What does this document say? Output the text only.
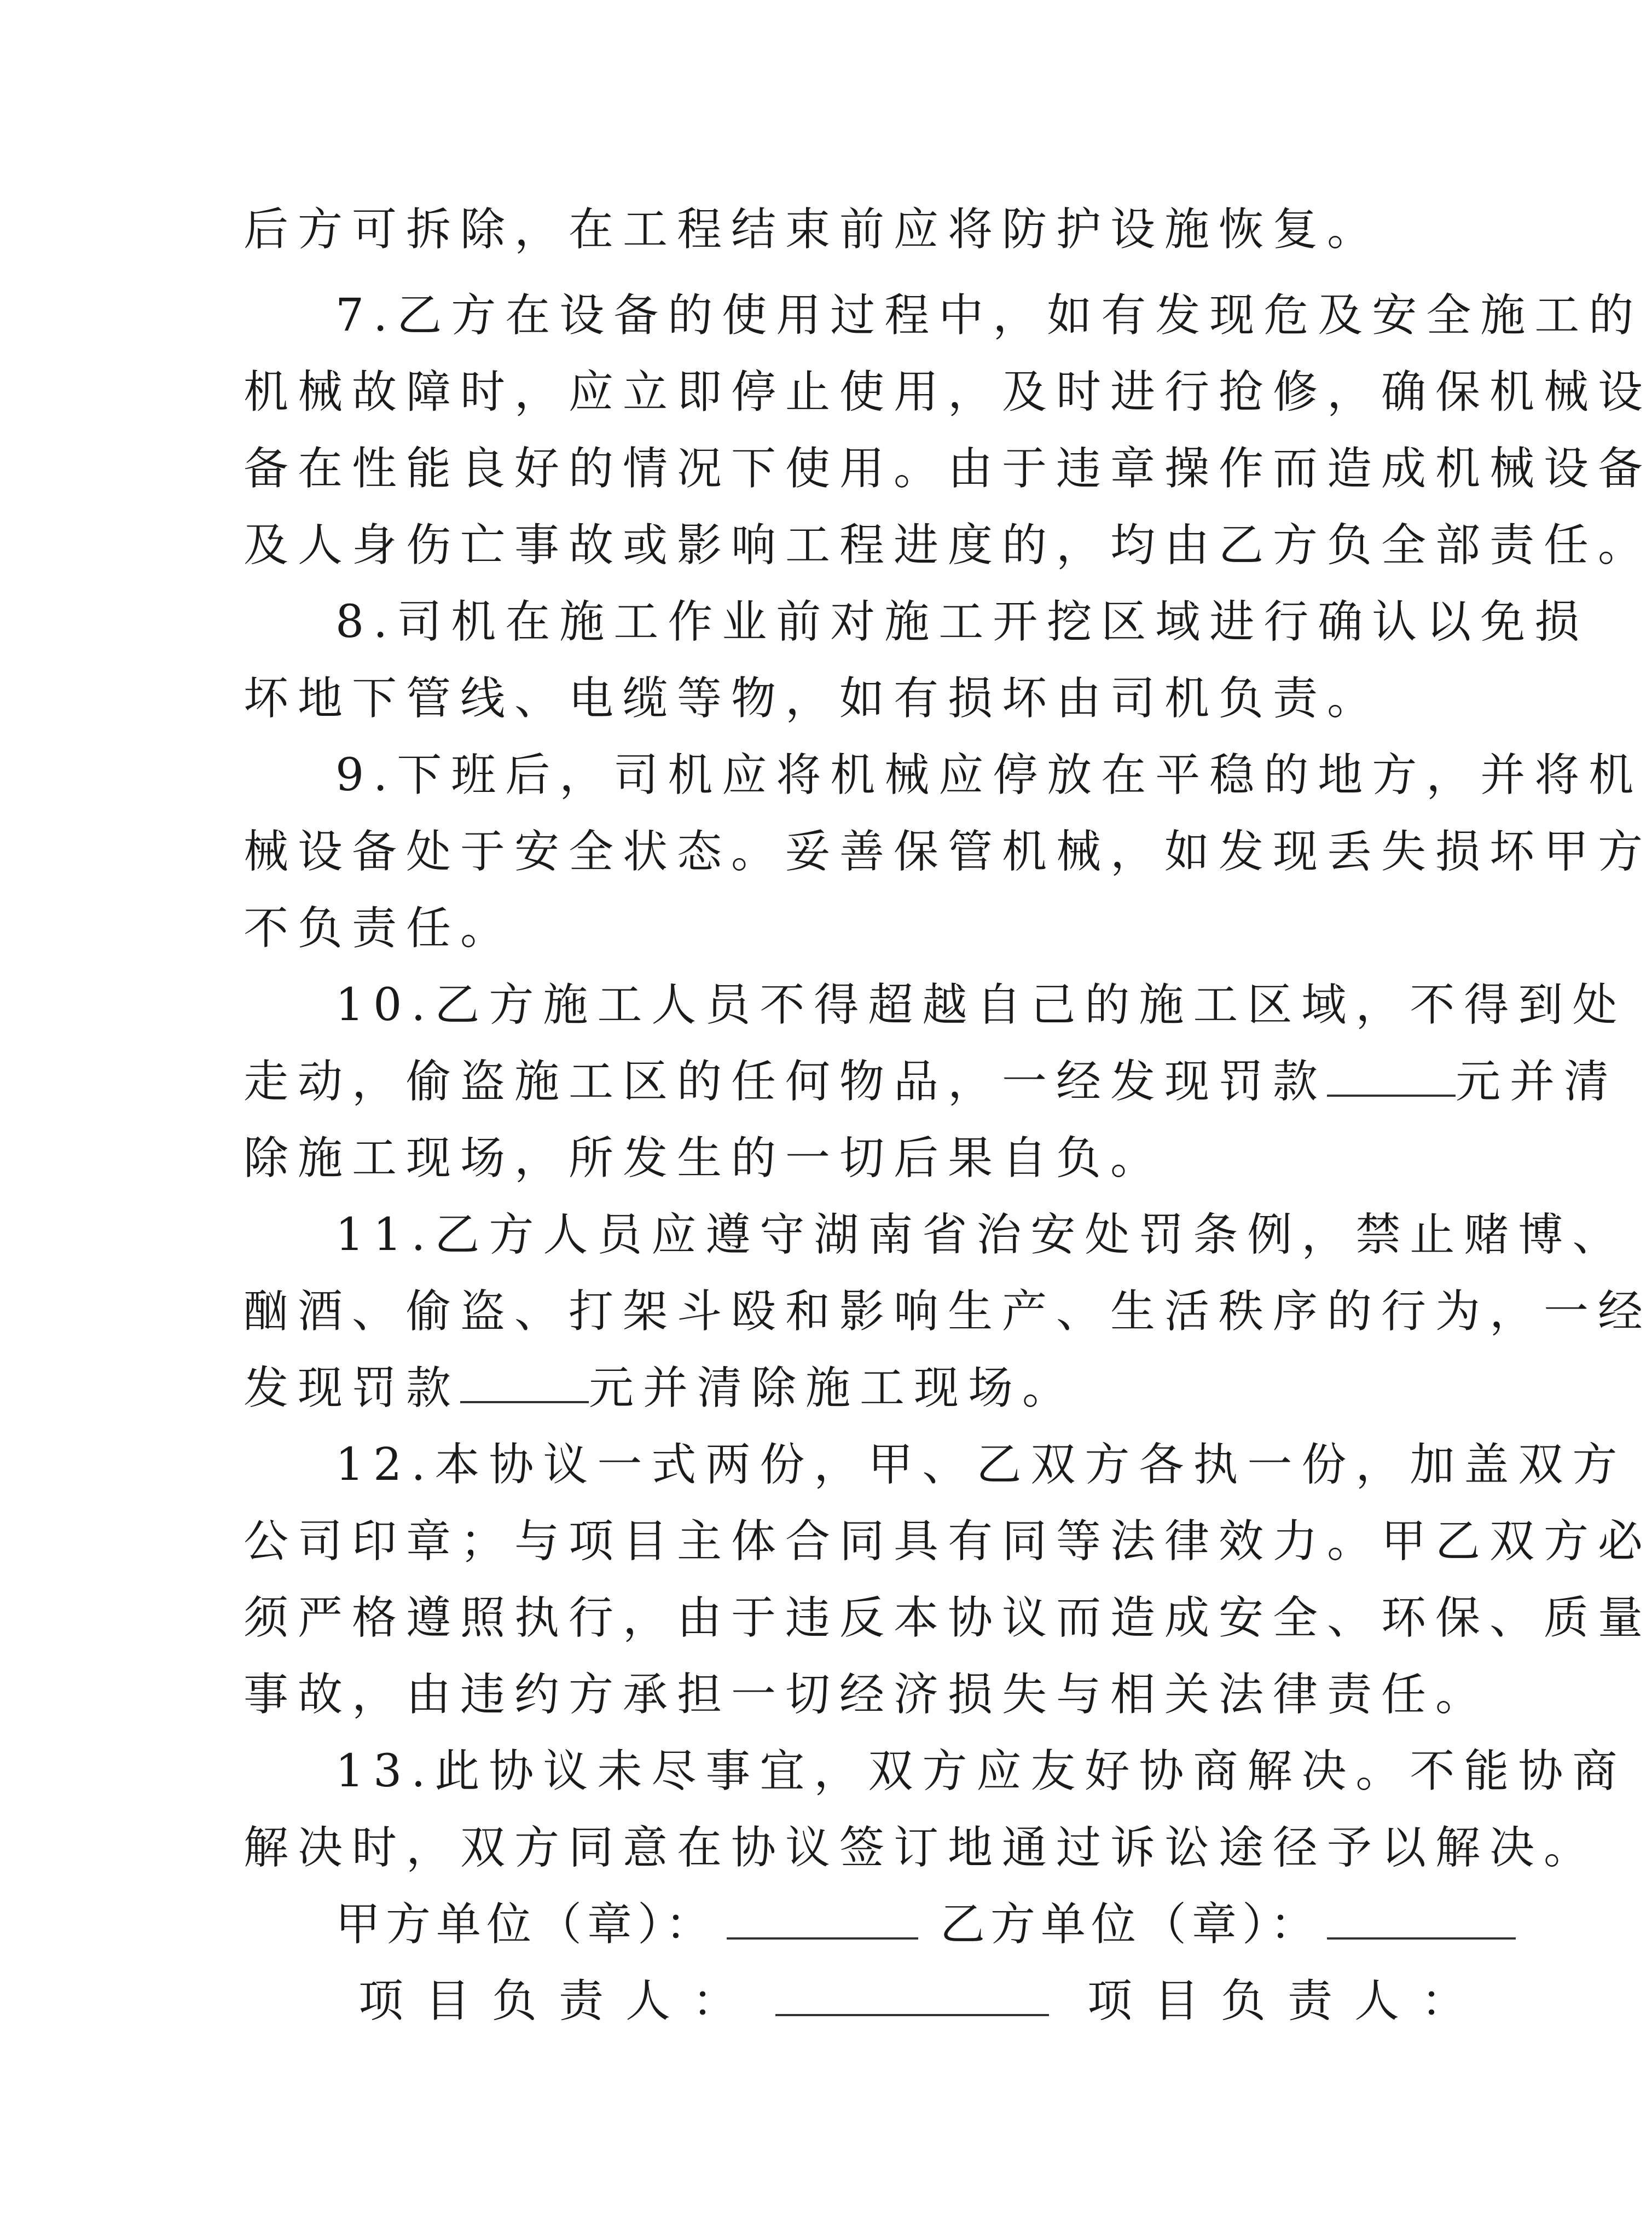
后方可拆除，在工程结束前应将防护设施恢复。
7.乙方在设备的使用过程中，如有发现危及安全施工的
机械故障时，应立即停止使用，及时进行抢修，确保机械设
备在性能良好的情况下使用。由于违章操作而造成机械设备
及人身伤亡事故或影响工程进度的，均由乙方负全部责任。
8.司机在施工作业前对施工开挖区域进行确认以免损
坏地下管线、电缆等物，如有损坏由司机负责。
9.下班后，司机应将机械应停放在平稳的地方，并将机
械设备处于安全状态。妥善保管机械，如发现丢失损坏甲方
不负责任。
10.乙方施工人员不得超越自己的施工区域，不得到处
走动，偷盗施工区的任何物品，一经发现罚款	元并清
除施工现场，所发生的一切后果自负。
11.乙方人员应遵守湖南省治安处罚条例，禁止赌博、
酗酒、偷盗、打架斗殴和影响生产、生活秩序的行为，一经
发现罚款	元并清除施工现场。
12.本协议一式两份，甲、乙双方各执一份，加盖双方
公司印章；与项目主体合同具有同等法律效力。甲乙双方必
须严格遵照执行，由于违反本协议而造成安全、环保、质量
事故，由违约方承担一切经济损失与相关法律责任。
13.此协议未尽事宜，双方应友好协商解决。不能协商
解决时，双方同意在协议签订地通过诉讼途径予以解决。
甲方单位（章）：	乙方单位（章）：
项目负责人：	项目负责人：
